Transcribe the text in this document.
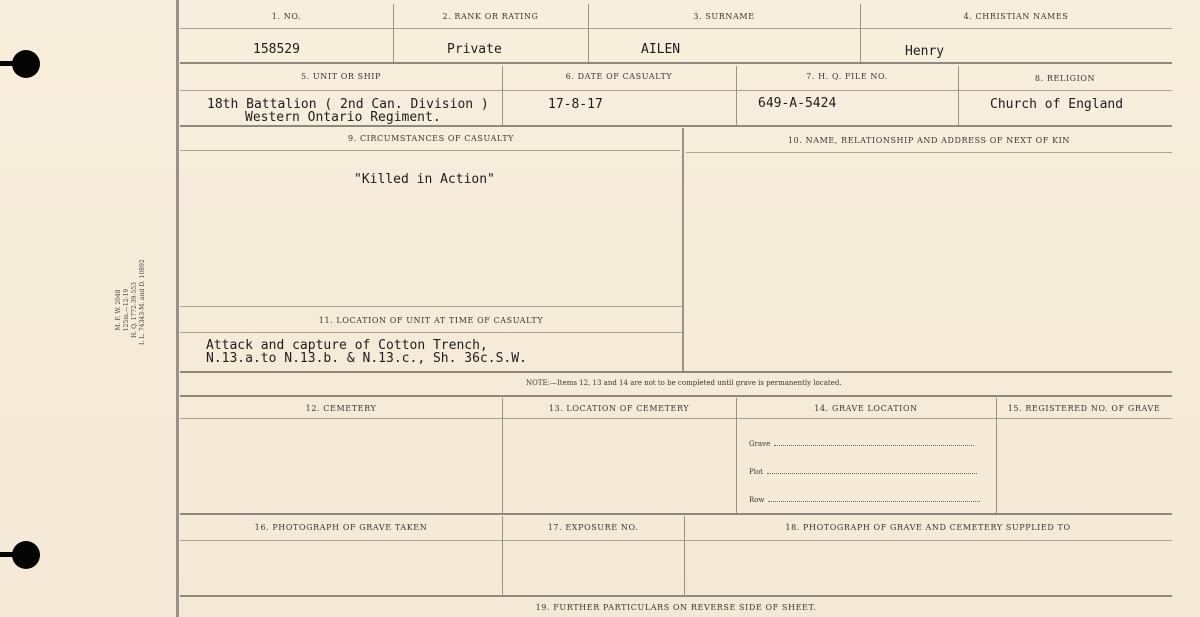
M. F. W. 2048 125m.—12-19 H. Q. 1772-39-553 I. L. 74343-M. and D. 10892
1. NO.	2. RANK OR RATING	3. SURNAME	4. CHRISTIAN NAMES
158529	Private	AILEN	Henry
5. UNIT OR SHIP	6. DATE OF CASUALTY	7. H. Q. FILE NO.	8. RELIGION
18th Battalion ( 2nd Can. Division )
Western Ontario Regiment.
17-8-17	649-A-5424	Church of England
9. CIRCUMSTANCES OF CASUALTY	10. NAME, RELATIONSHIP AND ADDRESS OF NEXT OF KIN
"Killed in Action"
11. LOCATION OF UNIT AT TIME OF CASUALTY
Attack and capture of Cotton Trench,
N.13.a.to N.13.b. & N.13.c., Sh. 36c.S.W.
NOTE:—Items 12, 13 and 14 are not to be completed until grave is permanently located.
12. CEMETERY	13. LOCATION OF CEMETERY	14. GRAVE LOCATION	15. REGISTERED NO. OF GRAVE
Grave
Plot
Row
16. PHOTOGRAPH OF GRAVE TAKEN	17. EXPOSURE NO.	18. PHOTOGRAPH OF GRAVE AND CEMETERY SUPPLIED TO
19. FURTHER PARTICULARS ON REVERSE SIDE OF SHEET.
